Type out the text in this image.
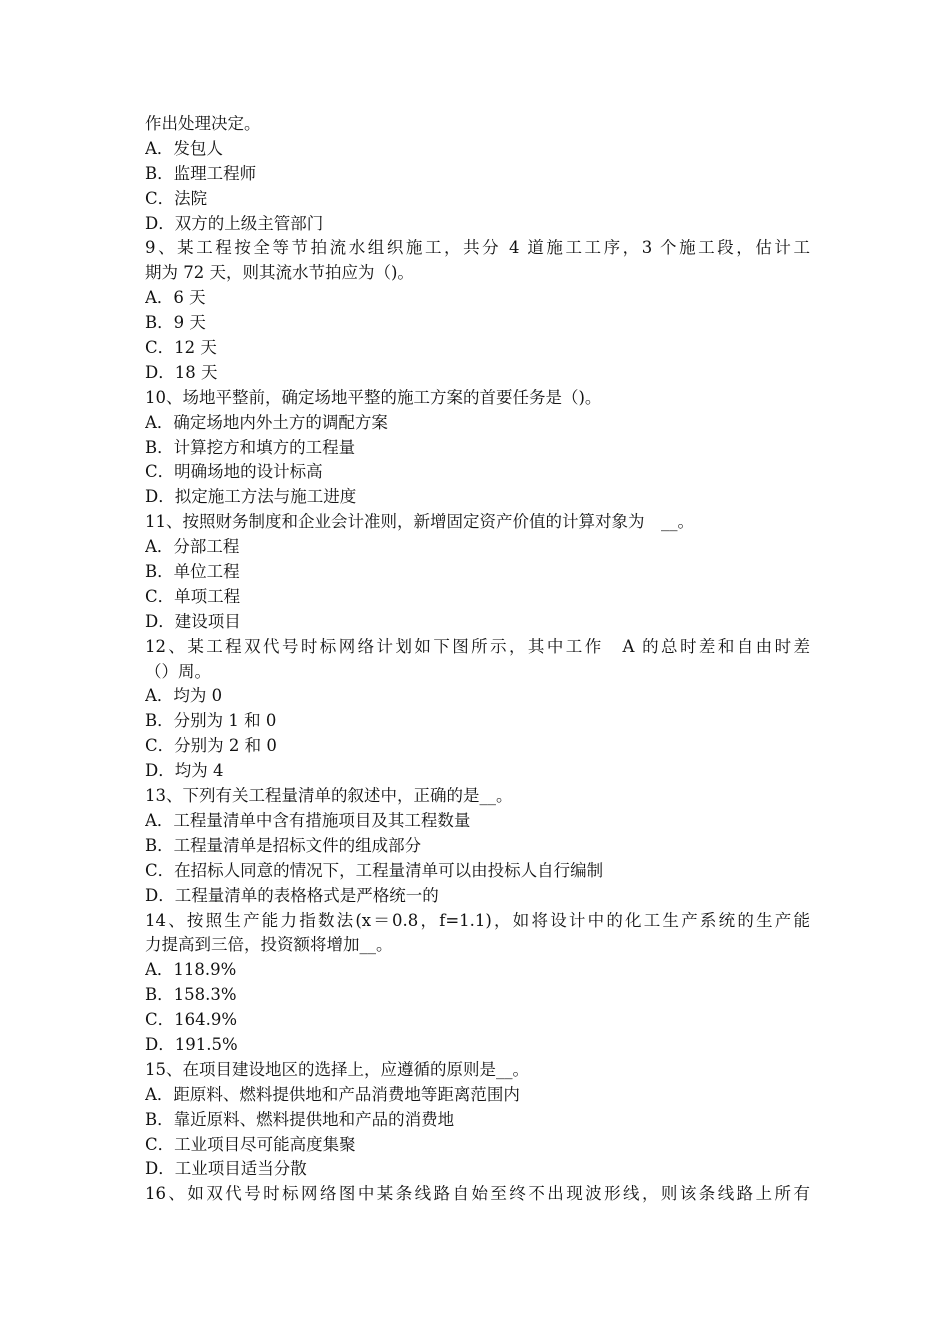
作出处理决定。
A．发包人
B．监理工程师
C．法院
D．双方的上级主管部门
9、某工程按全等节拍流水组织施工，共分 4 道施工工序，3 个施工段，估计工
期为 72 天，则其流水节拍应为（)。
A．6 天
B．9 天
C．12 天
D．18 天
10、场地平整前，确定场地平整的施工方案的首要任务是（)。
A．确定场地内外土方的调配方案
B．计算挖方和填方的工程量
C．明确场地的设计标高
D．拟定施工方法与施工进度
11、按照财务制度和企业会计准则，新增固定资产价值的计算对象为　__。
A．分部工程
B．单位工程
C．单项工程
D．建设项目
12、某工程双代号时标网络计划如下图所示，其中工作　A 的总时差和自由时差
（）周。
A．均为 0
B．分别为 1 和 0
C．分别为 2 和 0
D．均为 4
13、下列有关工程量清单的叙述中，正确的是__。
A．工程量清单中含有措施项目及其工程数量
B．工程量清单是招标文件的组成部分
C．在招标人同意的情况下，工程量清单可以由投标人自行编制
D．工程量清单的表格格式是严格统一的
14、按照生产能力指数法(x＝0.8，f=1.1)，如将设计中的化工生产系统的生产能
力提高到三倍，投资额将增加__。
A．118.9%
B．158.3%
C．164.9%
D．191.5%
15、在项目建设地区的选择上，应遵循的原则是__。
A．距原料、燃料提供地和产品消费地等距离范围内
B．靠近原料、燃料提供地和产品的消费地
C．工业项目尽可能高度集聚
D．工业项目适当分散
16、如双代号时标网络图中某条线路自始至终不出现波形线，则该条线路上所有
